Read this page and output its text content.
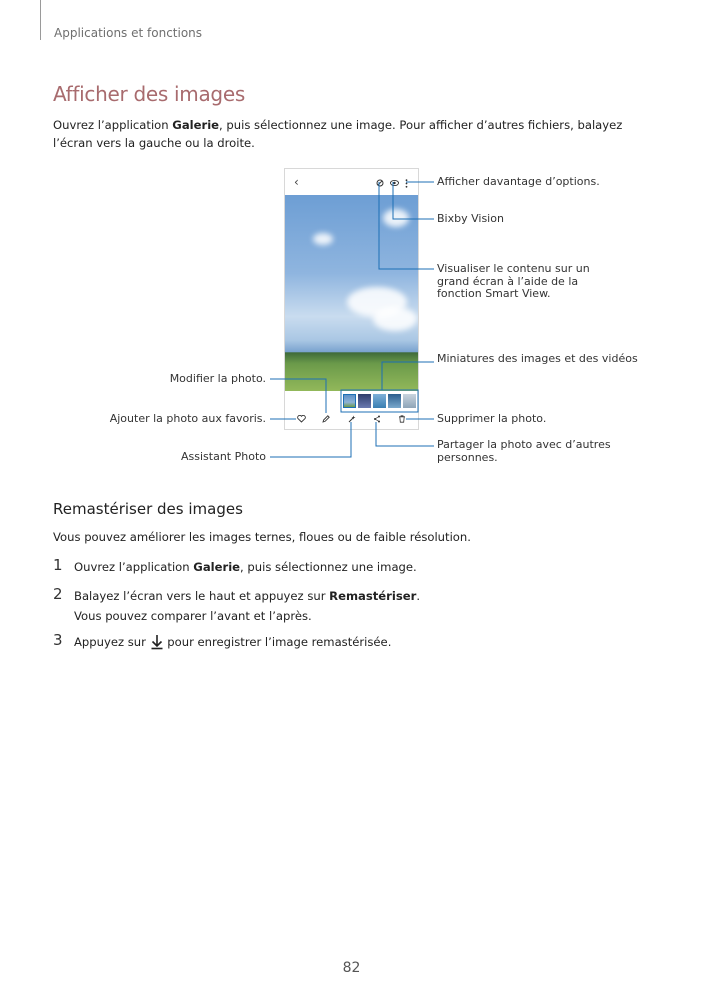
Applications et fonctions
Afficher des images
Ouvrez l’application Galerie, puis sélectionnez une image. Pour afficher d’autres fichiers, balayez l’écran vers la gauche ou la droite.
‹	Afficher davantage d’options.
Bixby Vision
Visualiser le contenu sur un grand écran à l’aide de la fonction Smart View.
Miniatures des images et des vidéos
Modifier la photo.
Ajouter la photo aux favoris.	Supprimer la photo.
Partager la photo avec d’autres personnes.
Assistant Photo
Remastériser des images
Vous pouvez améliorer les images ternes, floues ou de faible résolution.
1 Ouvrez l’application Galerie, puis sélectionnez une image.
2 Balayez l’écran vers le haut et appuyez sur Remastériser.
Vous pouvez comparer l’avant et l’après.
3 Appuyez sur  pour enregistrer l’image remastérisée.
82
